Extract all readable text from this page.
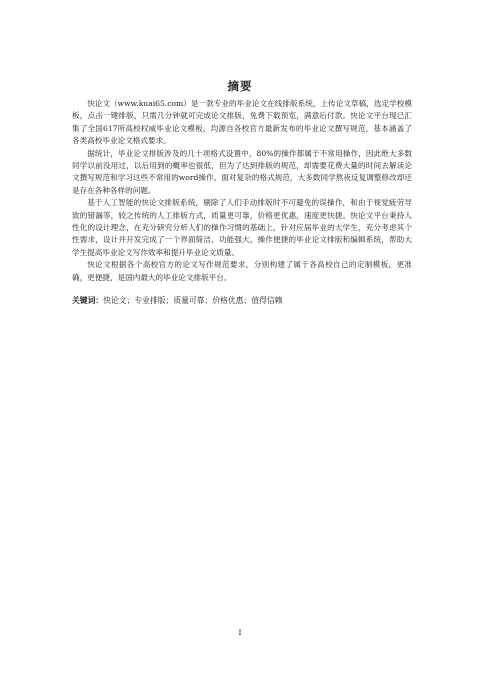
摘要

快论文（www.kuai65.com）是一款专业的毕业论文在线排版系统，上传论文草稿，选定学校模板，点击一键排版，只需几分钟就可完成论文排版，免费下载预览，满意后付款。快论文平台现已汇集了全国617所高校权威毕业论文模板，均源自各校官方最新发布的毕业论文撰写规范，基本涵盖了各类高校毕业论文格式要求。

据统计，毕业论文排版涉及的几十项格式设置中，80%的操作都属于不常用操作，因此绝大多数同学以前没用过，以后用到的概率也很低，但为了达到排版的规范，却需要花费大量的时间去解读论文撰写规范和学习这些不常用的word操作。面对复杂的格式规范，大多数同学熬夜反复调整修改却还是存在各种各样的问题。

基于人工智能的快论文排版系统，剔除了人们手动排版时不可避免的误操作，和由于视觉疲劳导致的错漏等，较之传统的人工排版方式，质量更可靠，价格更优惠，速度更快捷。快论文平台秉持人性化的设计理念，在充分研究分析人们的操作习惯的基础上，针对应届毕业的大学生，充分考虑其个性需求，设计并开发完成了一个界面简洁、功能强大、操作便捷的毕业论文排版和编辑系统，帮助大学生提高毕业论文写作效率和提升毕业论文质量。

快论文根据各个高校官方的论文写作规范要求，分别构建了属于各高校自己的定制模板，更准确，更便捷，是国内最大的毕业论文排版平台。

关键词：快论文；专业排版；质量可靠；价格优惠；值得信赖
I
